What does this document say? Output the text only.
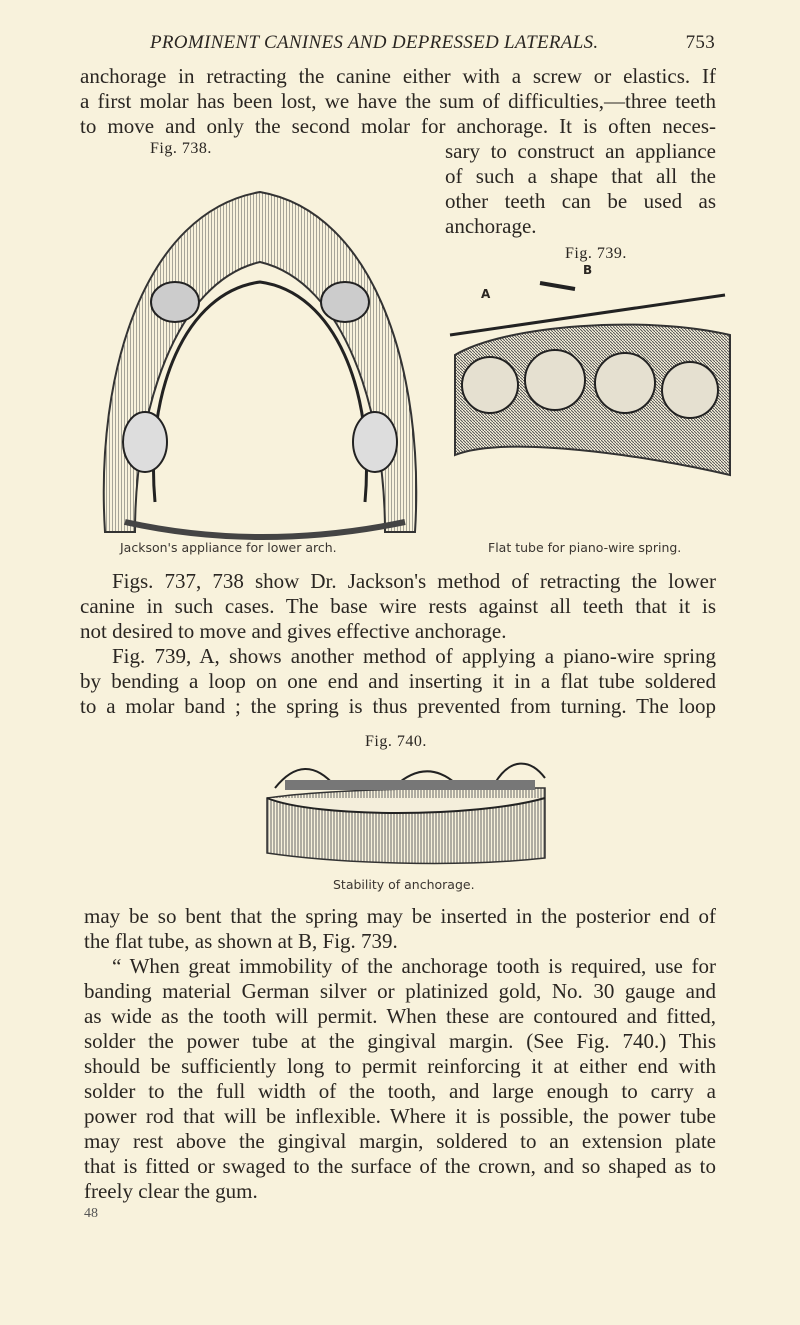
PROMINENT CANINES AND DEPRESSED LATERALS.	753
anchorage in retracting the canine either with a screw or elastics. If
a first molar has been lost, we have the sum of difficulties,—three teeth
to move and only the second molar for anchorage. It is often neces-
sary to construct an appliance
of such a shape that all the
other teeth can be used as
anchorage.
Fig. 738.
Jackson's appliance for lower arch.
Fig. 739.
A
B
Flat tube for piano-wire spring.
Figs. 737, 738 show Dr. Jackson's method of retracting the lower
canine in such cases. The base wire rests against all teeth that it is
not desired to move and gives effective anchorage.
Fig. 739, A, shows another method of applying a piano-wire spring
by bending a loop on one end and inserting it in a flat tube soldered
to a molar band ; the spring is thus prevented from turning. The loop
Fig. 740.
Stability of anchorage.
may be so bent that the spring may be inserted in the posterior end of
the flat tube, as shown at B, Fig. 739.
“ When great immobility of the anchorage tooth is required, use for
banding material German silver or platinized gold, No. 30 gauge and
as wide as the tooth will permit. When these are contoured and fitted,
solder the power tube at the gingival margin. (See Fig. 740.) This
should be sufficiently long to permit reinforcing it at either end with
solder to the full width of the tooth, and large enough to carry a
power rod that will be inflexible. Where it is possible, the power tube
may rest above the gingival margin, soldered to an extension plate
that is fitted or swaged to the surface of the crown, and so shaped as to
freely clear the gum.
48
